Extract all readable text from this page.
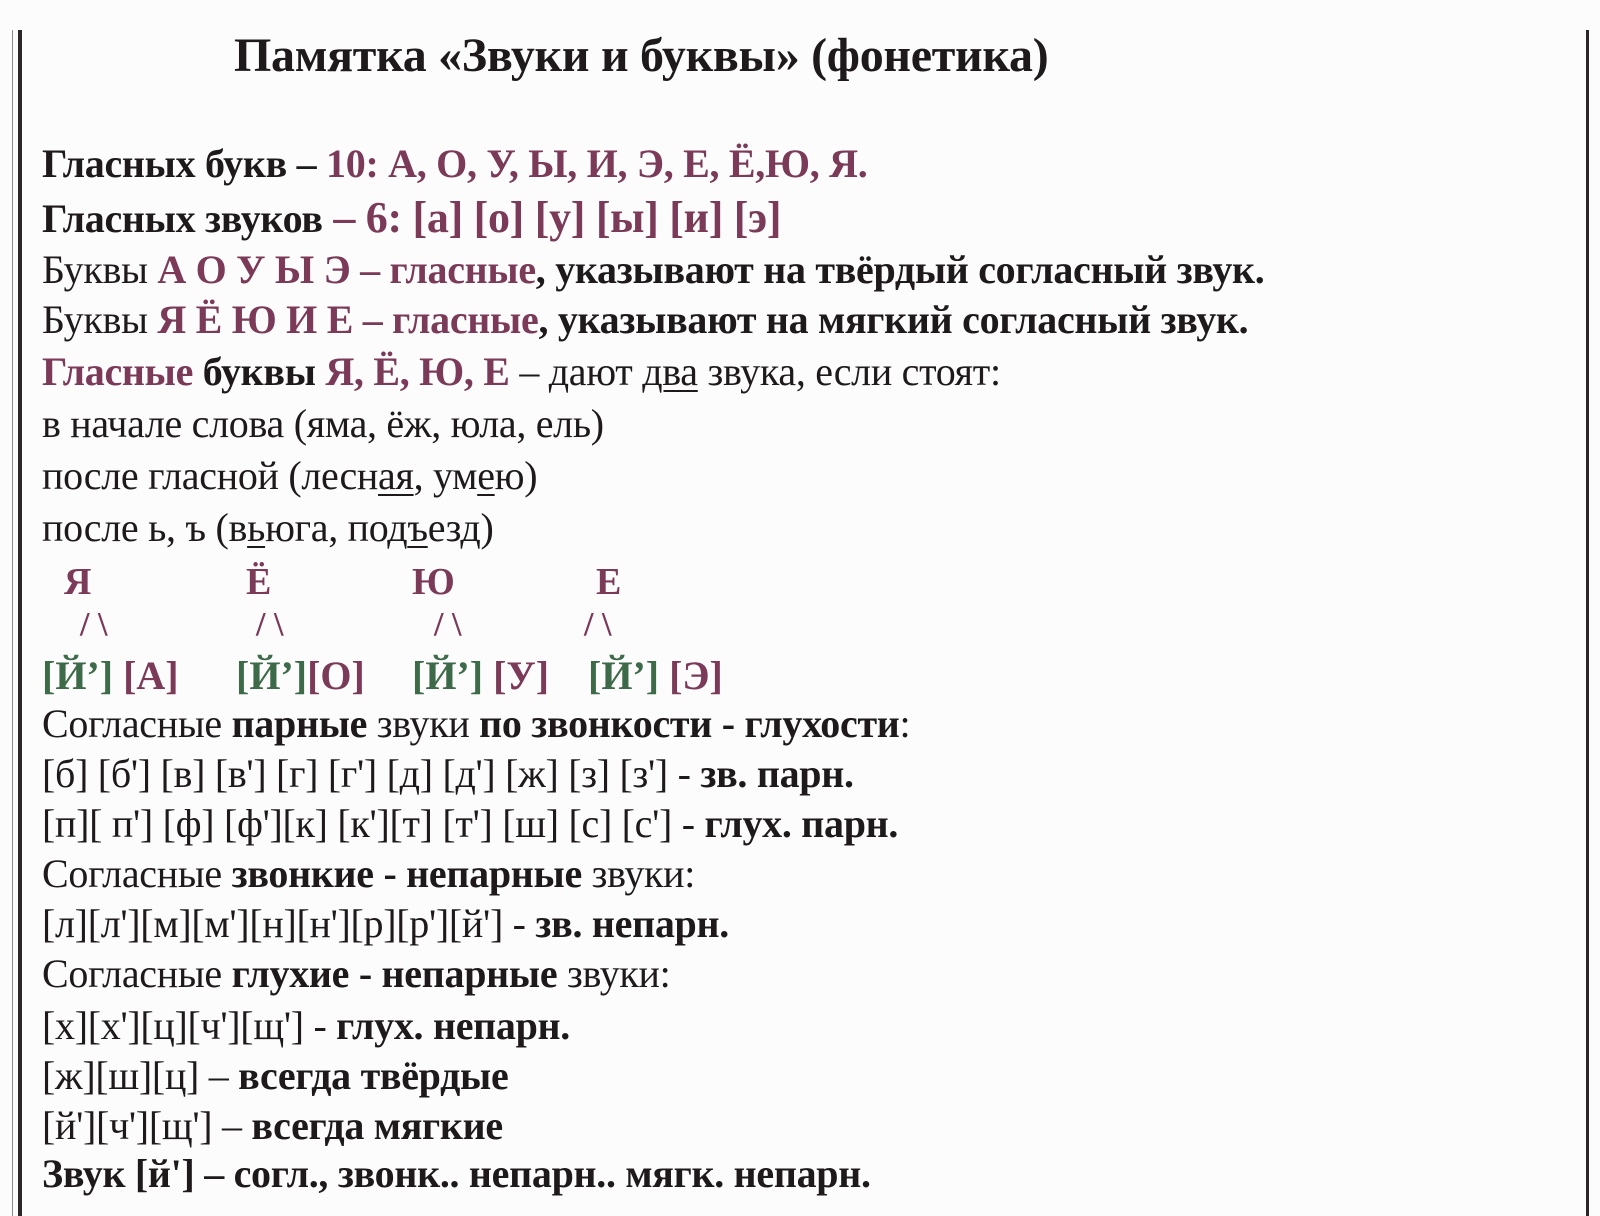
Памятка «Звуки и буквы» (фонетика)
Гласных букв – 10: А, О, У, Ы, И, Э, Е, Ё,Ю, Я.
Гласных звуков – 6: [а] [о] [у] [ы] [и] [э]
Буквы А О У Ы Э – гласные, указывают на твёрдый согласный звук.
Буквы Я Ё Ю И Е – гласные, указывают на мягкий согласный звук.
Гласные буквы Я, Ё, Ю, Е – дают два звука, если стоят:
в начале слова (яма, ёж, юла, ель)
после гласной (лесная, умею)
после ь, ъ (вьюга, подъезд)
Я	Ё	Ю	Е
/ \	/ \	/ \	/ \
[Й’] [А] [Й’][О] [Й’] [У] [Й’] [Э]
Согласные парные звуки по звонкости - глухости:
[б] [б'] [в] [в'] [г] [г'] [д] [д'] [ж] [з] [з'] - зв. парн.
[п][ п'] [ф] [ф'][к] [к'][т] [т'] [ш] [с] [с'] - глух. парн.
Согласные звонкие - непарные звуки:
[л][л'][м][м'][н][н'][р][р'][й'] - зв. непарн.
Согласные глухие - непарные звуки:
[х][х'][ц][ч'][щ'] - глух. непарн.
[ж][ш][ц] – всегда твёрдые
[й'][ч'][щ'] – всегда мягкие
Звук [й'] – согл., звонк.. непарн.. мягк. непарн.
